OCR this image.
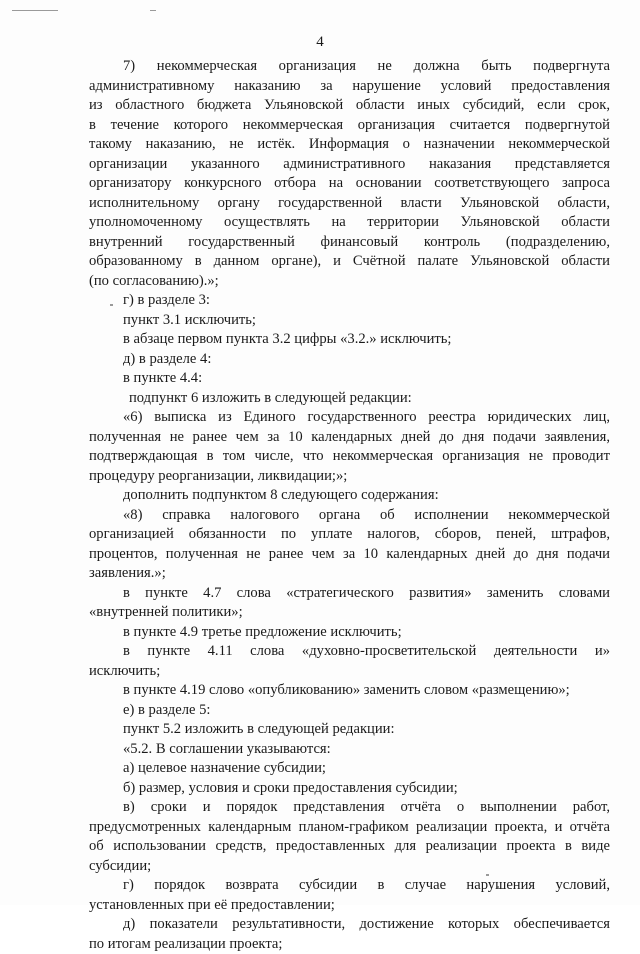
4
7) некоммерческая организация не должна быть подвергнута
административному наказанию за нарушение условий предоставления
из областного бюджета Ульяновской области иных субсидий, если срок,
в течение которого некоммерческая организация считается подвергнутой
такому наказанию, не истёк. Информация о назначении некоммерческой
организации указанного административного наказания представляется
организатору конкурсного отбора на основании соответствующего запроса
исполнительному органу государственной власти Ульяновской области,
уполномоченному осуществлять на территории Ульяновской области
внутренний государственный финансовый контроль (подразделению,
образованному в данном органе), и Счётной палате Ульяновской области
(по согласованию).»;
г) в разделе 3:
пункт 3.1 исключить;
в абзаце первом пункта 3.2 цифры «3.2.» исключить;
д) в разделе 4:
в пункте 4.4:
подпункт 6 изложить в следующей редакции:
«6) выписка из Единого государственного реестра юридических лиц,
полученная не ранее чем за 10 календарных дней до дня подачи заявления,
подтверждающая в том числе, что некоммерческая организация не проводит
процедуру реорганизации, ликвидации;»;
дополнить подпунктом 8 следующего содержания:
«8) справка налогового органа об исполнении некоммерческой
организацией обязанности по уплате налогов, сборов, пеней, штрафов,
процентов, полученная не ранее чем за 10 календарных дней до дня подачи
заявления.»;
в пункте 4.7 слова «стратегического развития» заменить словами
«внутренней политики»;
в пункте 4.9 третье предложение исключить;
в пункте 4.11 слова «духовно-просветительской деятельности и»
исключить;
в пункте 4.19 слово «опубликованию» заменить словом «размещению»;
е) в разделе 5:
пункт 5.2 изложить в следующей редакции:
«5.2. В соглашении указываются:
а) целевое назначение субсидии;
б) размер, условия и сроки предоставления субсидии;
в) сроки и порядок представления отчёта о выполнении работ,
предусмотренных календарным планом-графиком реализации проекта, и отчёта
об использовании средств, предоставленных для реализации проекта в виде
субсидии;
г) порядок возврата субсидии в случае нарушения условий,
установленных при её предоставлении;
д) показатели результативности, достижение которых обеспечивается
по итогам реализации проекта;
